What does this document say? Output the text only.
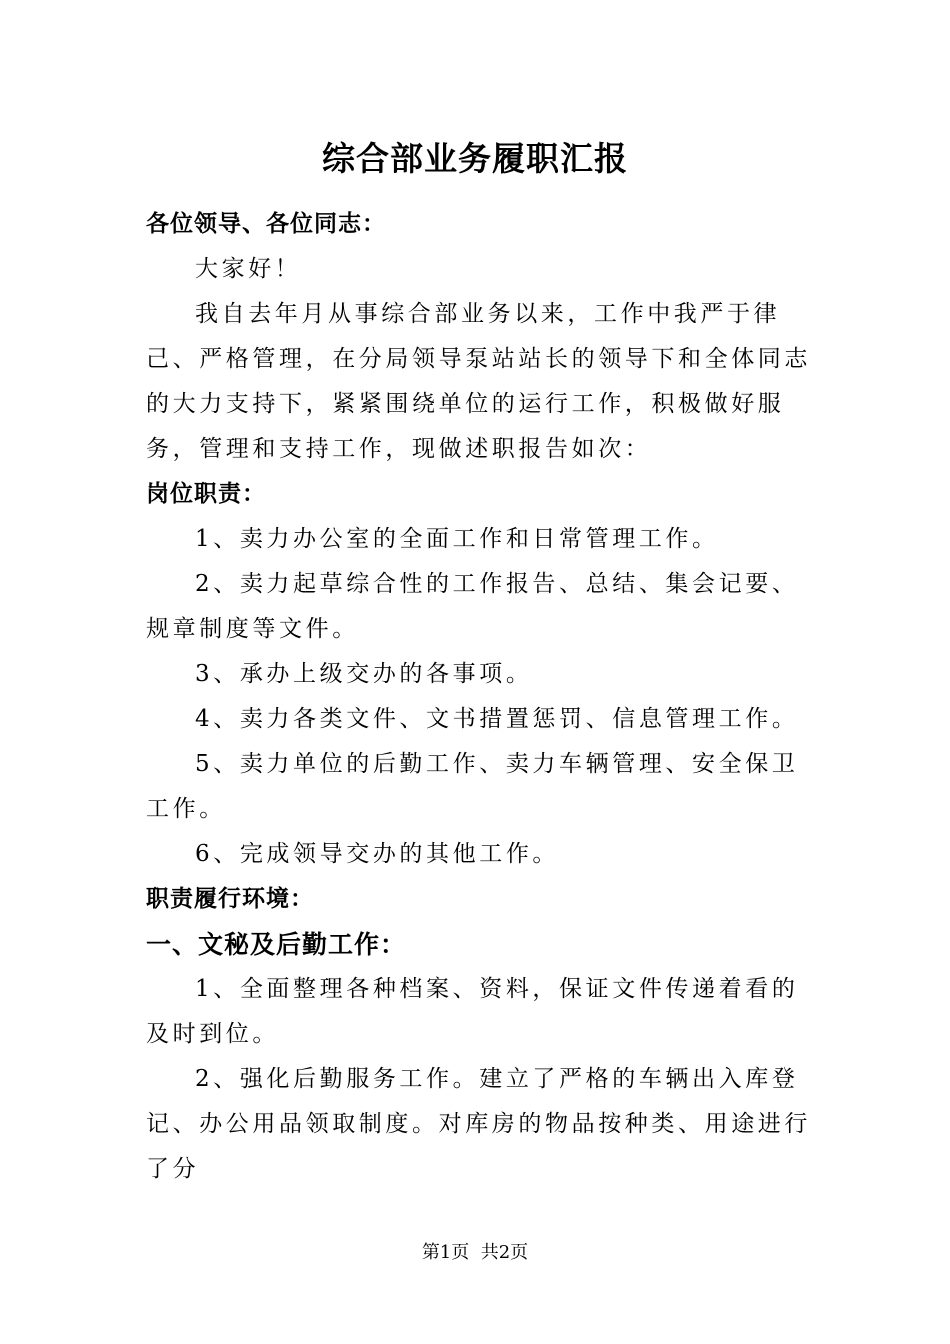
综合部业务履职汇报

各位领导、各位同志：

大家好！

我自去年月从事综合部业务以来，工作中我严于律己、严格管理，在分局领导泵站站长的领导下和全体同志的大力支持下，紧紧围绕单位的运行工作，积极做好服务，管理和支持工作，现做述职报告如次：

岗位职责：

1、卖力办公室的全面工作和日常管理工作。

2、卖力起草综合性的工作报告、总结、集会记要、规章制度等文件。

3、承办上级交办的各事项。

4、卖力各类文件、文书措置惩罚、信息管理工作。

5、卖力单位的后勤工作、卖力车辆管理、安全保卫工作。

6、完成领导交办的其他工作。

职责履行环境：

一、文秘及后勤工作：

1、全面整理各种档案、资料，保证文件传递着看的及时到位。

2、强化后勤服务工作。建立了严格的车辆出入库登记、办公用品领取制度。对库房的物品按种类、用途进行了分

第1页 共2页
